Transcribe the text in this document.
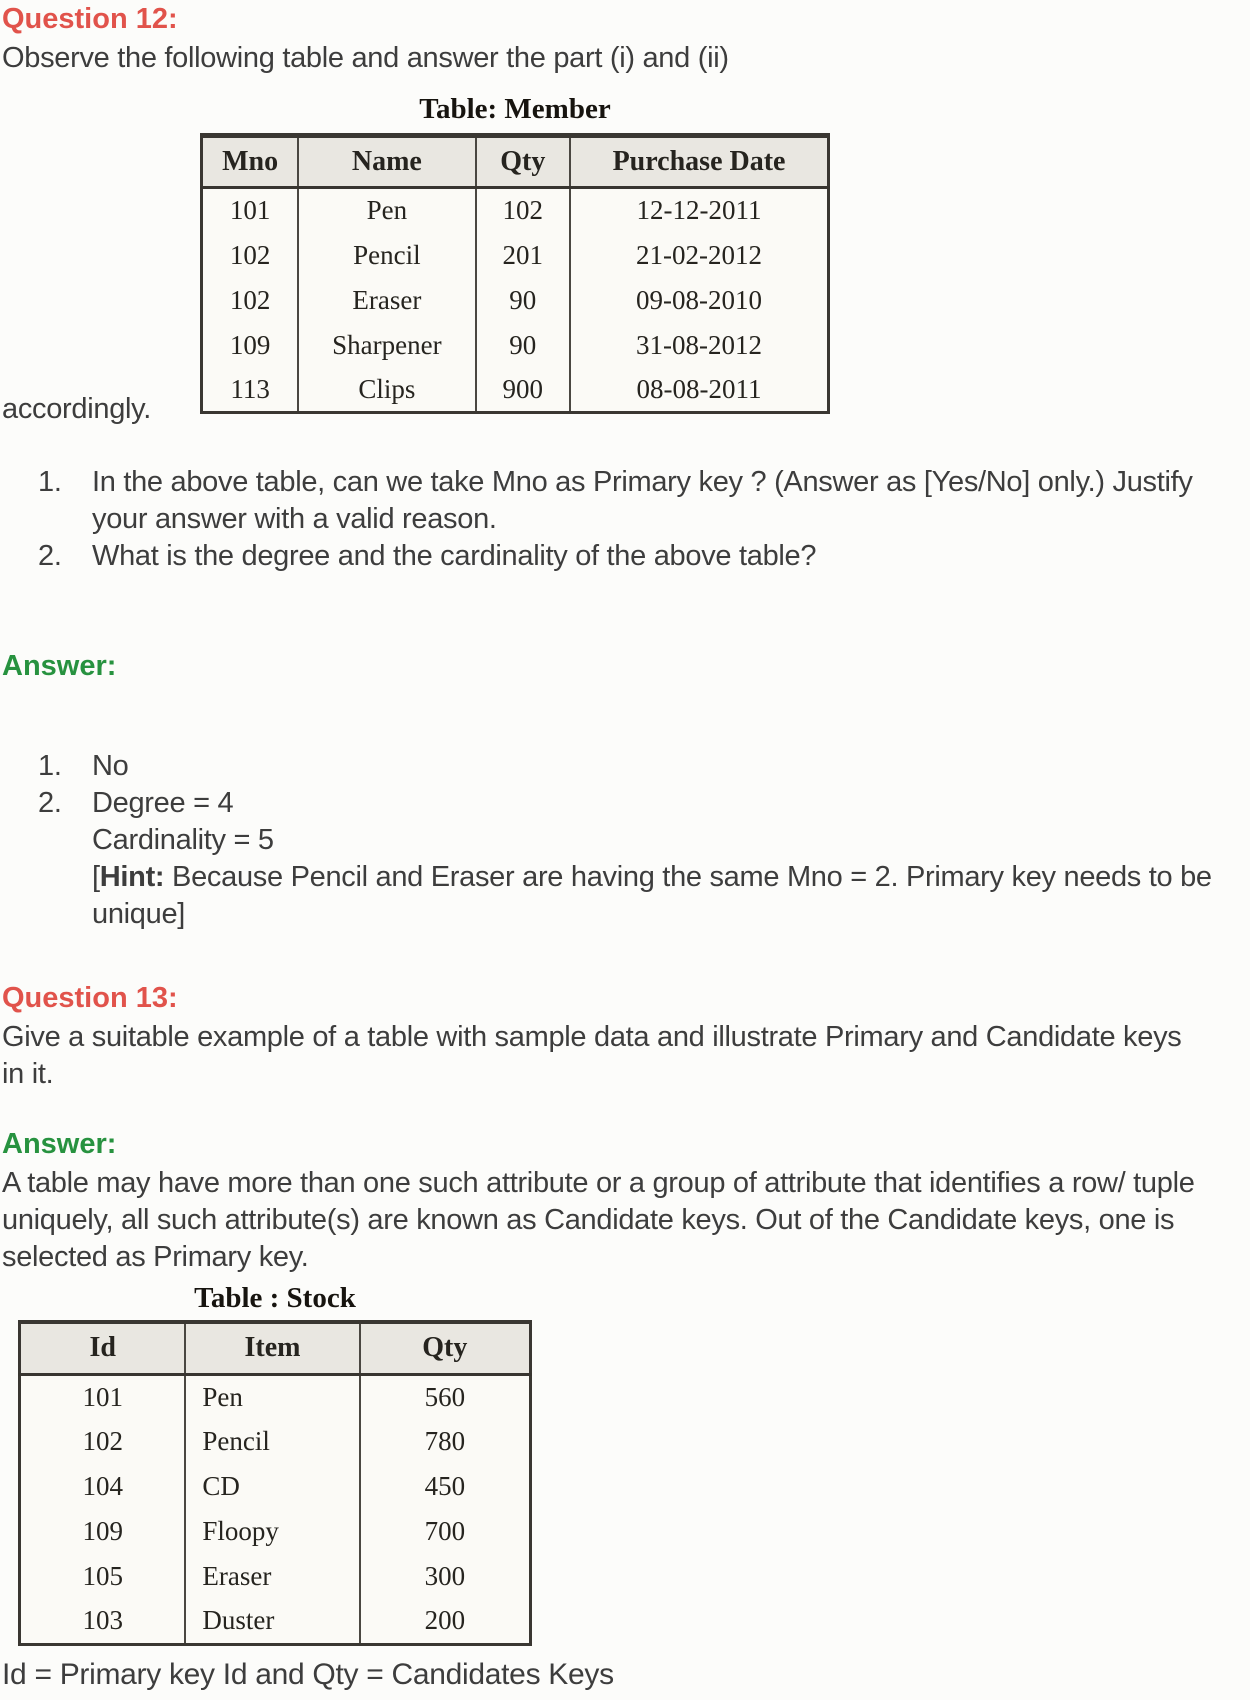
Question 12:
Observe the following table and answer the part (i) and (ii)
Table: Member
Mno	Name	Qty	Purchase Date
101	Pen	102	12-12-2011
102	Pencil	201	21-02-2012
102	Eraser	90	09-08-2010
109	Sharpener	90	31-08-2012
113	Clips	900	08-08-2011
accordingly.
1.	In the above table, can we take Mno as Primary key ? (Answer as [Yes/No] only.) Justify your answer with a valid reason.
2.	What is the degree and the cardinality of the above table?
Answer:
1.	No
2.	Degree = 4
Cardinality = 5
[Hint: Because Pencil and Eraser are having the same Mno = 2. Primary key needs to be unique]
Question 13:
Give a suitable example of a table with sample data and illustrate Primary and Candidate keys in it.
Answer:
A table may have more than one such attribute or a group of attribute that identifies a row/ tuple uniquely, all such attribute(s) are known as Candidate keys. Out of the Candidate keys, one is selected as Primary key.
Table : Stock
Id	Item	Qty
101	Pen	560
102	Pencil	780
104	CD	450
109	Floopy	700
105	Eraser	300
103	Duster	200
Id = Primary key Id and Qty = Candidates Keys
